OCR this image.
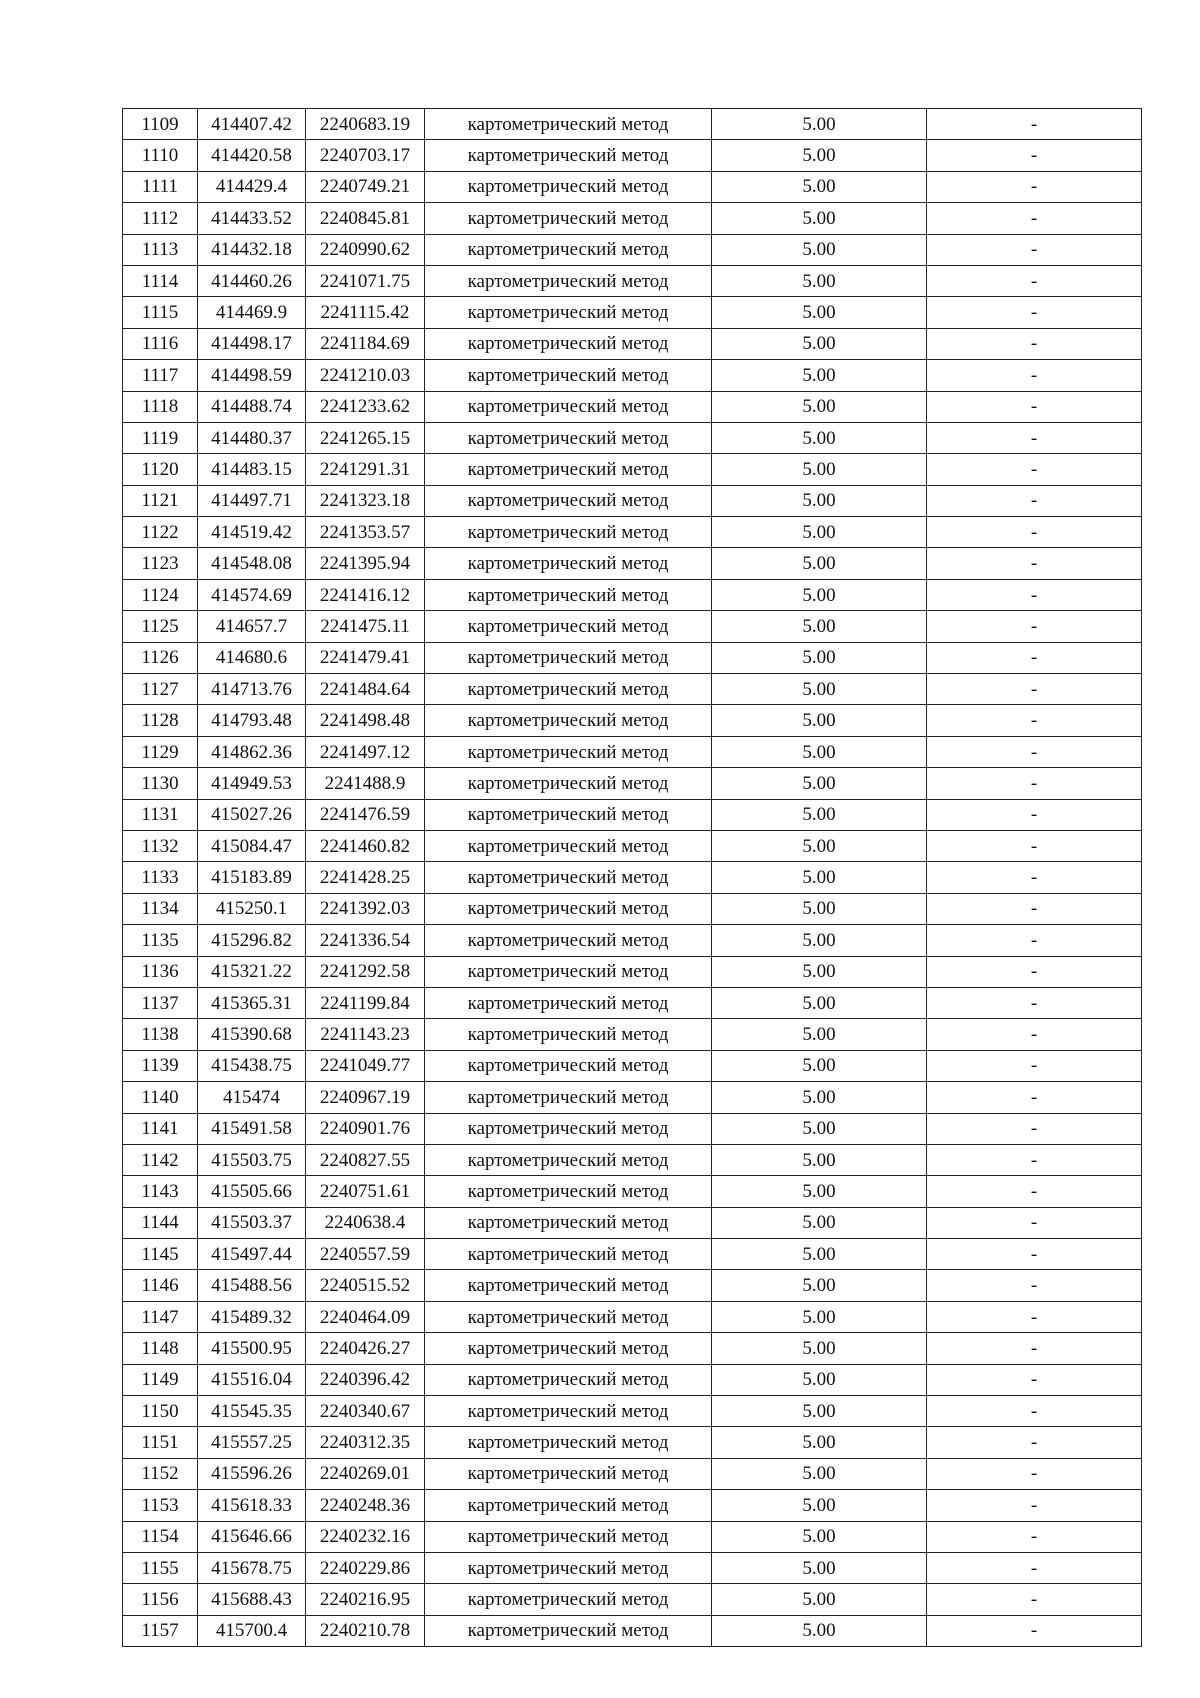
1109	414407.42	2240683.19	картометрический метод	5.00	-
1110	414420.58	2240703.17	картометрический метод	5.00	-
1111	414429.4	2240749.21	картометрический метод	5.00	-
1112	414433.52	2240845.81	картометрический метод	5.00	-
1113	414432.18	2240990.62	картометрический метод	5.00	-
1114	414460.26	2241071.75	картометрический метод	5.00	-
1115	414469.9	2241115.42	картометрический метод	5.00	-
1116	414498.17	2241184.69	картометрический метод	5.00	-
1117	414498.59	2241210.03	картометрический метод	5.00	-
1118	414488.74	2241233.62	картометрический метод	5.00	-
1119	414480.37	2241265.15	картометрический метод	5.00	-
1120	414483.15	2241291.31	картометрический метод	5.00	-
1121	414497.71	2241323.18	картометрический метод	5.00	-
1122	414519.42	2241353.57	картометрический метод	5.00	-
1123	414548.08	2241395.94	картометрический метод	5.00	-
1124	414574.69	2241416.12	картометрический метод	5.00	-
1125	414657.7	2241475.11	картометрический метод	5.00	-
1126	414680.6	2241479.41	картометрический метод	5.00	-
1127	414713.76	2241484.64	картометрический метод	5.00	-
1128	414793.48	2241498.48	картометрический метод	5.00	-
1129	414862.36	2241497.12	картометрический метод	5.00	-
1130	414949.53	2241488.9	картометрический метод	5.00	-
1131	415027.26	2241476.59	картометрический метод	5.00	-
1132	415084.47	2241460.82	картометрический метод	5.00	-
1133	415183.89	2241428.25	картометрический метод	5.00	-
1134	415250.1	2241392.03	картометрический метод	5.00	-
1135	415296.82	2241336.54	картометрический метод	5.00	-
1136	415321.22	2241292.58	картометрический метод	5.00	-
1137	415365.31	2241199.84	картометрический метод	5.00	-
1138	415390.68	2241143.23	картометрический метод	5.00	-
1139	415438.75	2241049.77	картометрический метод	5.00	-
1140	415474	2240967.19	картометрический метод	5.00	-
1141	415491.58	2240901.76	картометрический метод	5.00	-
1142	415503.75	2240827.55	картометрический метод	5.00	-
1143	415505.66	2240751.61	картометрический метод	5.00	-
1144	415503.37	2240638.4	картометрический метод	5.00	-
1145	415497.44	2240557.59	картометрический метод	5.00	-
1146	415488.56	2240515.52	картометрический метод	5.00	-
1147	415489.32	2240464.09	картометрический метод	5.00	-
1148	415500.95	2240426.27	картометрический метод	5.00	-
1149	415516.04	2240396.42	картометрический метод	5.00	-
1150	415545.35	2240340.67	картометрический метод	5.00	-
1151	415557.25	2240312.35	картометрический метод	5.00	-
1152	415596.26	2240269.01	картометрический метод	5.00	-
1153	415618.33	2240248.36	картометрический метод	5.00	-
1154	415646.66	2240232.16	картометрический метод	5.00	-
1155	415678.75	2240229.86	картометрический метод	5.00	-
1156	415688.43	2240216.95	картометрический метод	5.00	-
1157	415700.4	2240210.78	картометрический метод	5.00	-
